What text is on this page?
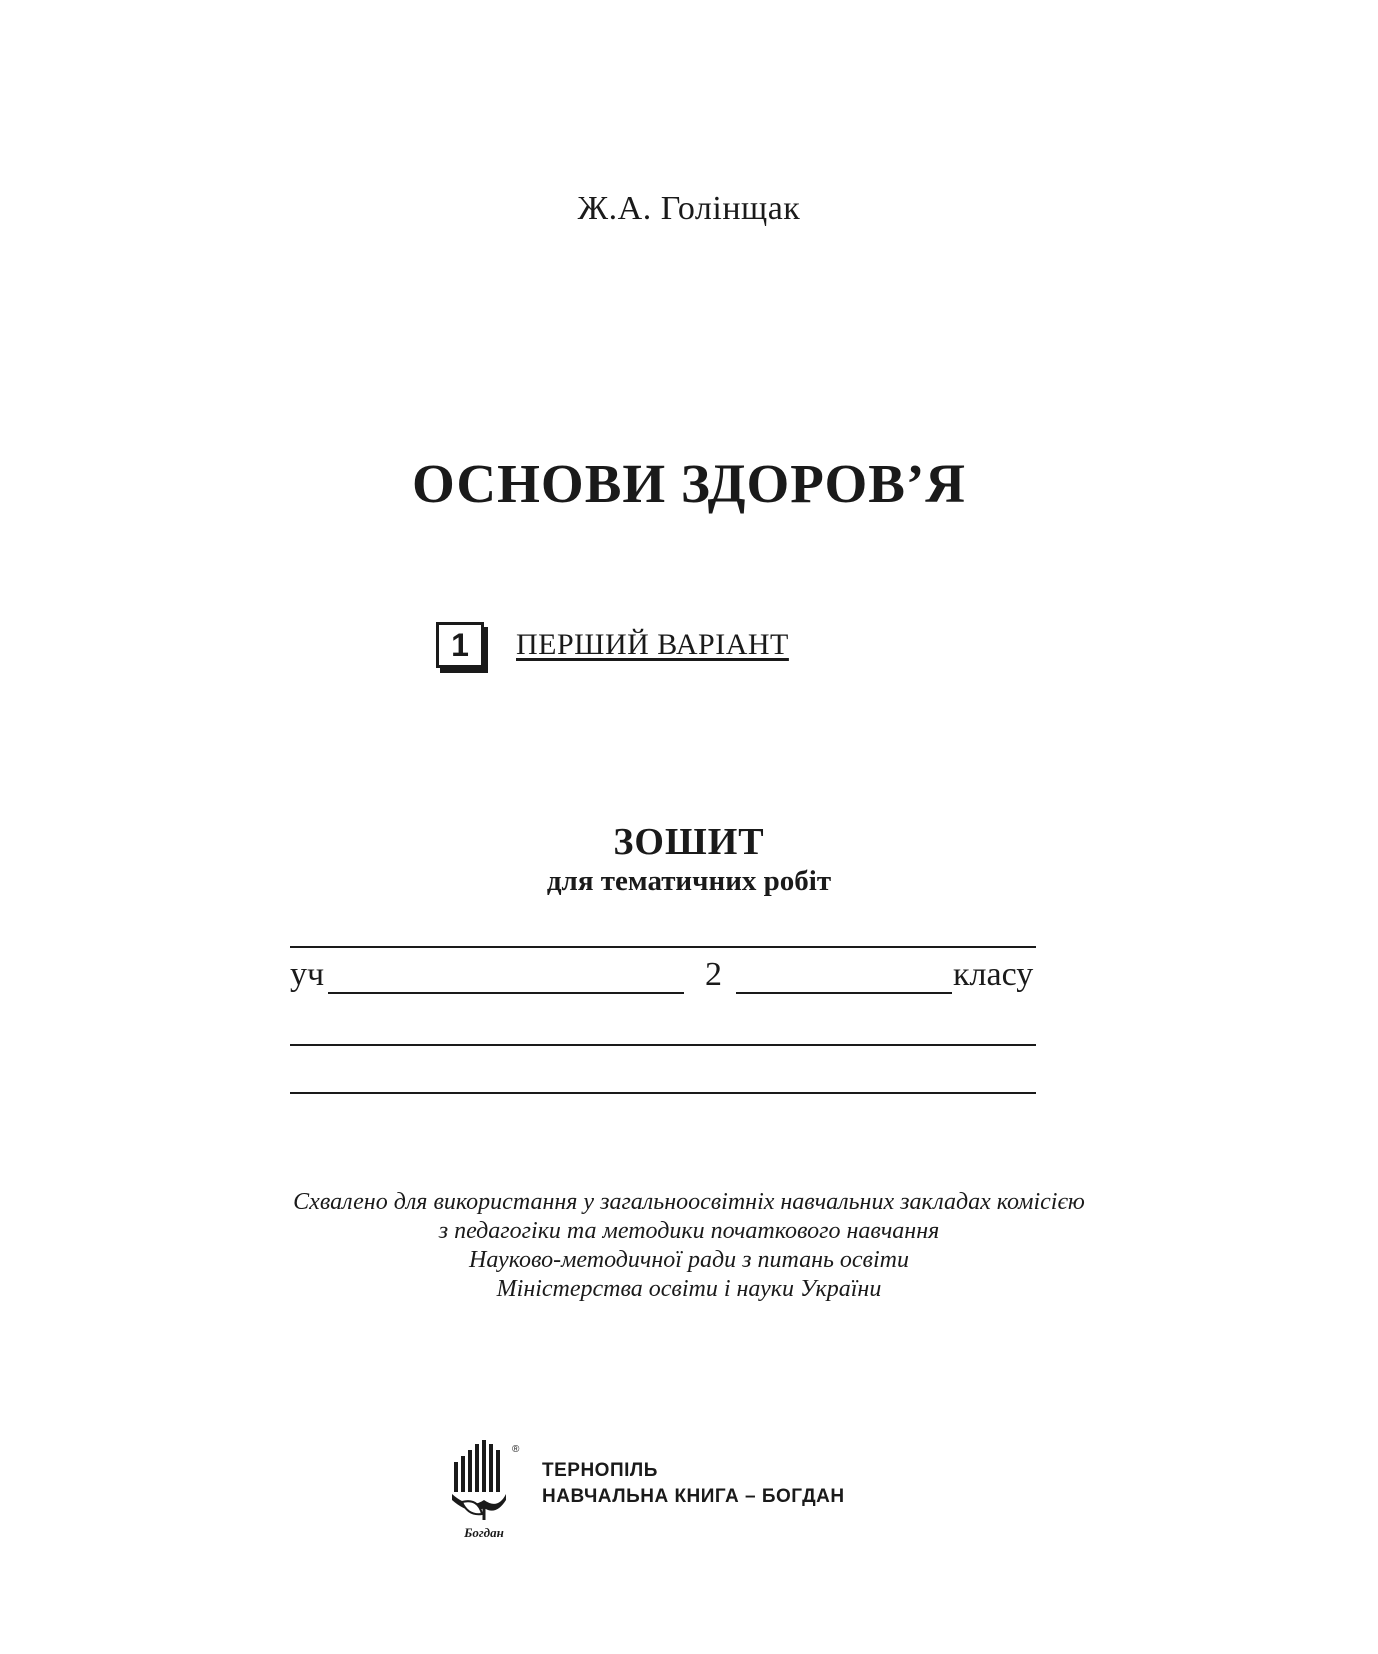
Ж.А. Голінщак
ОСНОВИ ЗДОРОВ’Я
1	ПЕРШИЙ ВАРІАНТ
ЗОШИТ
для тематичних робіт
уч	2	класу
Схвалено для використання у загальноосвітніх навчальних закладах комісією
з педагогіки та методики початкового навчання
Науково-методичної ради з питань освіти
Міністерства освіти і науки України
Богдан
®
ТЕРНОПІЛЬ
НАВЧАЛЬНА КНИГА – БОГДАН
